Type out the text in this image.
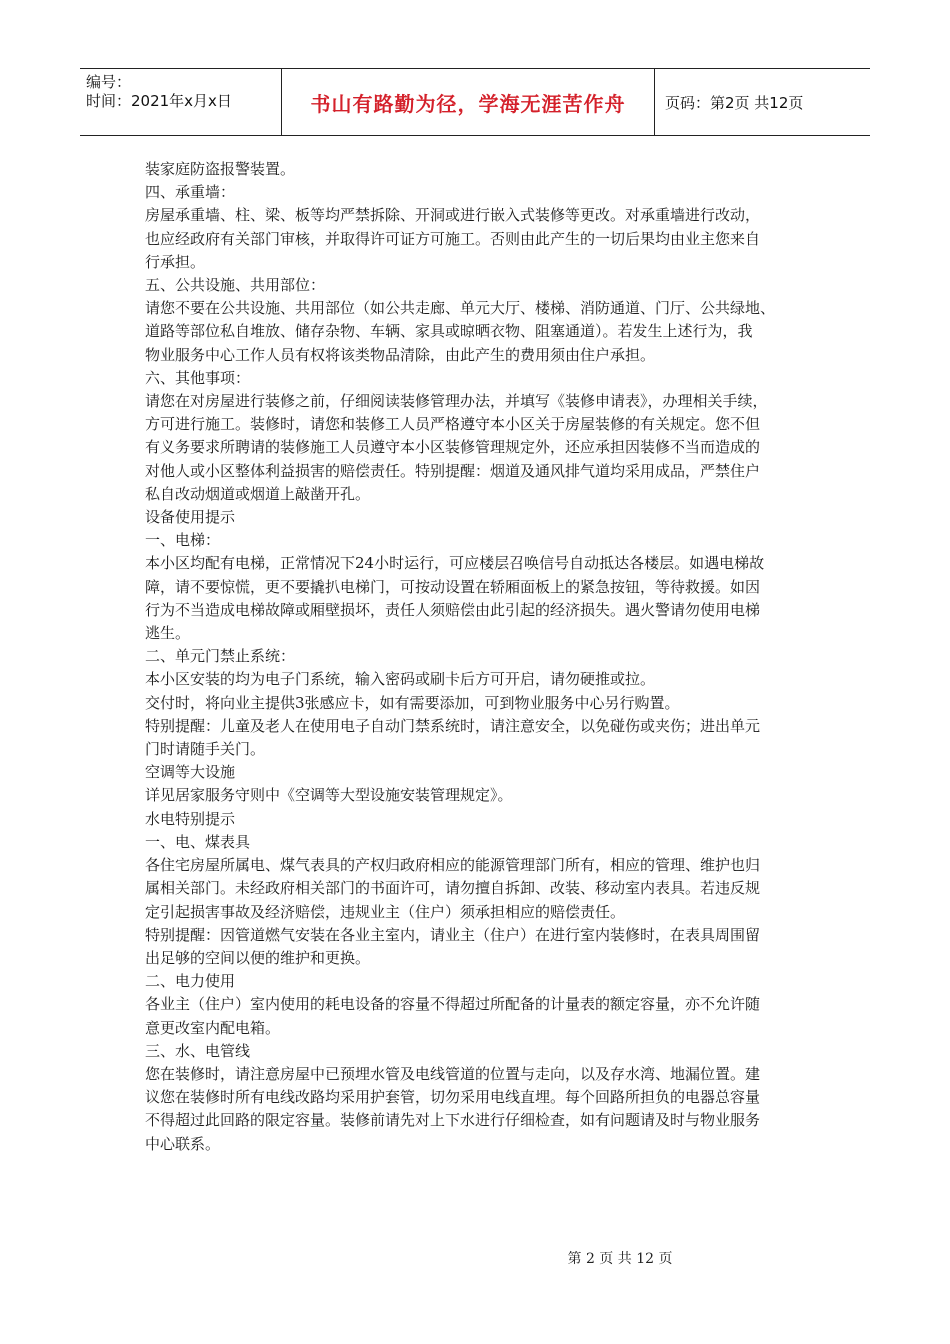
编号：
时间：2021年x月x日	书山有路勤为径，学海无涯苦作舟	页码：第2页 共12页

装家庭防盗报警装置。

四、承重墙：

房屋承重墙、柱、梁、板等均严禁拆除、开洞或进行嵌入式装修等更改。对承重墙进行改动，

也应经政府有关部门审核，并取得许可证方可施工。否则由此产生的一切后果均由业主您来自

行承担。

五、公共设施、共用部位：

请您不要在公共设施、共用部位（如公共走廊、单元大厅、楼梯、消防通道、门厅、公共绿地、

道路等部位私自堆放、储存杂物、车辆、家具或晾晒衣物、阻塞通道）。若发生上述行为，我

物业服务中心工作人员有权将该类物品清除，由此产生的费用须由住户承担。

六、其他事项：

请您在对房屋进行装修之前，仔细阅读装修管理办法，并填写《装修申请表》，办理相关手续，

方可进行施工。装修时，请您和装修工人员严格遵守本小区关于房屋装修的有关规定。您不但

有义务要求所聘请的装修施工人员遵守本小区装修管理规定外，还应承担因装修不当而造成的

对他人或小区整体利益损害的赔偿责任。特别提醒：烟道及通风排气道均采用成品，严禁住户

私自改动烟道或烟道上敲凿开孔。

设备使用提示

一、电梯：

本小区均配有电梯，正常情况下24小时运行，可应楼层召唤信号自动抵达各楼层。如遇电梯故

障，请不要惊慌，更不要撬扒电梯门，可按动设置在轿厢面板上的紧急按钮，等待救援。如因

行为不当造成电梯故障或厢壁损坏，责任人须赔偿由此引起的经济损失。遇火警请勿使用电梯

逃生。

二、单元门禁止系统：

本小区安装的均为电子门系统，输入密码或刷卡后方可开启，请勿硬推或拉。

交付时，将向业主提供3张感应卡，如有需要添加，可到物业服务中心另行购置。

特别提醒：儿童及老人在使用电子自动门禁系统时，请注意安全，以免碰伤或夹伤；进出单元

门时请随手关门。

空调等大设施

详见居家服务守则中《空调等大型设施安装管理规定》。

水电特别提示

一、电、煤表具

各住宅房屋所属电、煤气表具的产权归政府相应的能源管理部门所有，相应的管理、维护也归

属相关部门。未经政府相关部门的书面许可，请勿擅自拆卸、改装、移动室内表具。若违反规

定引起损害事故及经济赔偿，违规业主（住户）须承担相应的赔偿责任。

特别提醒：因管道燃气安装在各业主室内，请业主（住户）在进行室内装修时，在表具周围留

出足够的空间以便的维护和更换。

二、电力使用

各业主（住户）室内使用的耗电设备的容量不得超过所配备的计量表的额定容量，亦不允许随

意更改室内配电箱。

三、水、电管线

您在装修时，请注意房屋中已预埋水管及电线管道的位置与走向，以及存水湾、地漏位置。建

议您在装修时所有电线改路均采用护套管，切勿采用电线直埋。每个回路所担负的电器总容量

不得超过此回路的限定容量。装修前请先对上下水进行仔细检查，如有问题请及时与物业服务

中心联系。

第 2 页 共 12 页
